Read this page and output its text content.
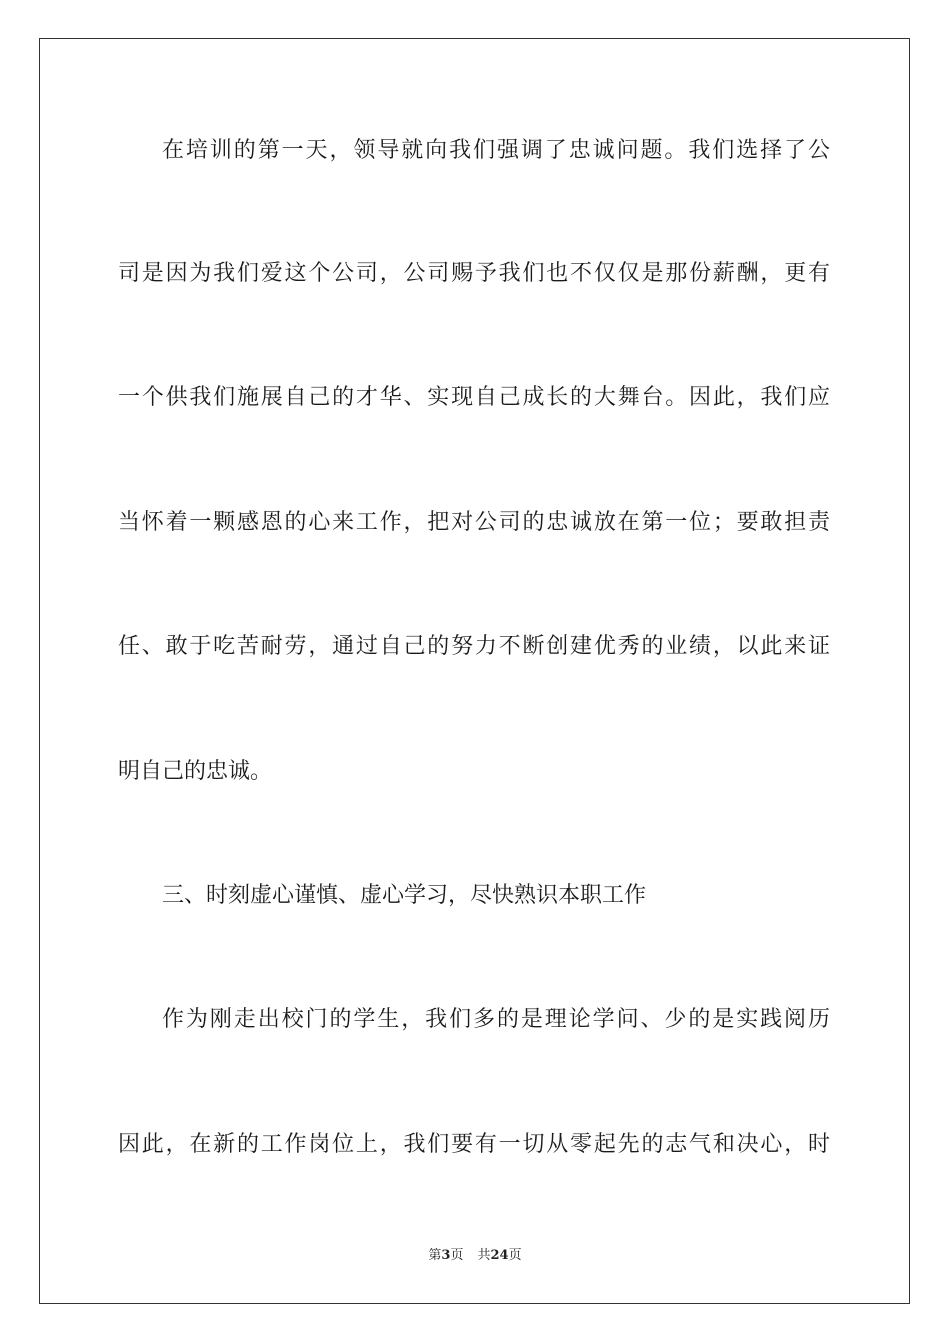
在培训的第一天，领导就向我们强调了忠诚问题。我们选择了公
司是因为我们爱这个公司，公司赐予我们也不仅仅是那份薪酬，更有
一个供我们施展自己的才华、实现自己成长的大舞台。因此，我们应
当怀着一颗感恩的心来工作，把对公司的忠诚放在第一位；要敢担责
任、敢于吃苦耐劳，通过自己的努力不断创建优秀的业绩，以此来证
明自己的忠诚。
三、时刻虚心谨慎、虚心学习，尽快熟识本职工作
作为刚走出校门的学生，我们多的是理论学问、少的是实践阅历
因此，在新的工作岗位上，我们要有一切从零起先的志气和决心，时
第3页 共24页
